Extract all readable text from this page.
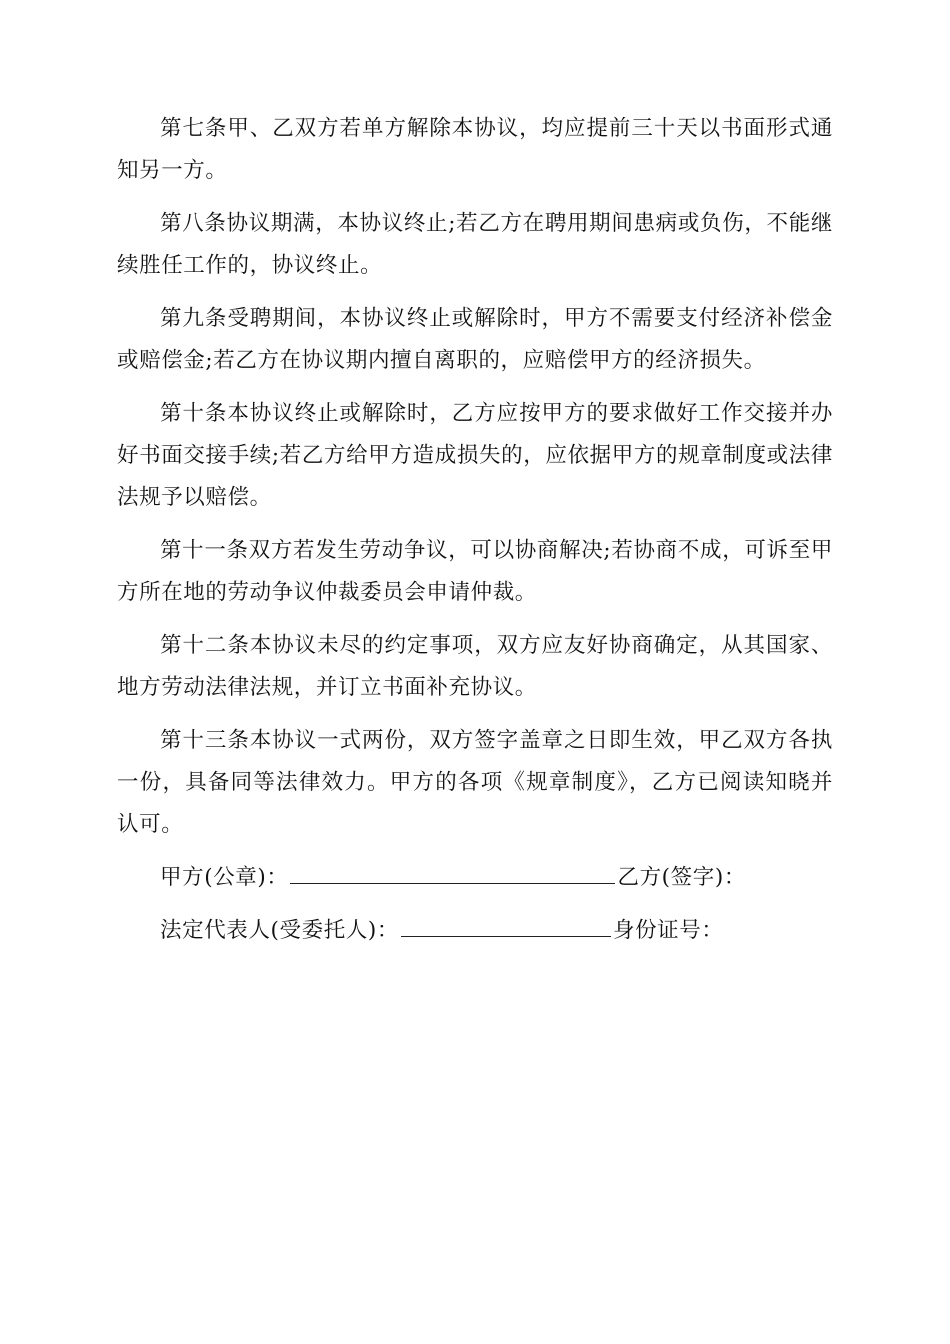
第七条甲、乙双方若单方解除本协议，均应提前三十天以书面形式通知另一方。

第八条协议期满，本协议终止;若乙方在聘用期间患病或负伤，不能继续胜任工作的，协议终止。

第九条受聘期间，本协议终止或解除时，甲方不需要支付经济补偿金或赔偿金;若乙方在协议期内擅自离职的，应赔偿甲方的经济损失。

第十条本协议终止或解除时，乙方应按甲方的要求做好工作交接并办好书面交接手续;若乙方给甲方造成损失的，应依据甲方的规章制度或法律法规予以赔偿。

第十一条双方若发生劳动争议，可以协商解决;若协商不成，可诉至甲方所在地的劳动争议仲裁委员会申请仲裁。

第十二条本协议未尽的约定事项，双方应友好协商确定，从其国家、地方劳动法律法规，并订立书面补充协议。

第十三条本协议一式两份，双方签字盖章之日即生效，甲乙双方各执一份，具备同等法律效力。甲方的各项《规章制度》，乙方已阅读知晓并认可。

甲方(公章)：	乙方(签字)：
法定代表人(受委托人)：	身份证号：
